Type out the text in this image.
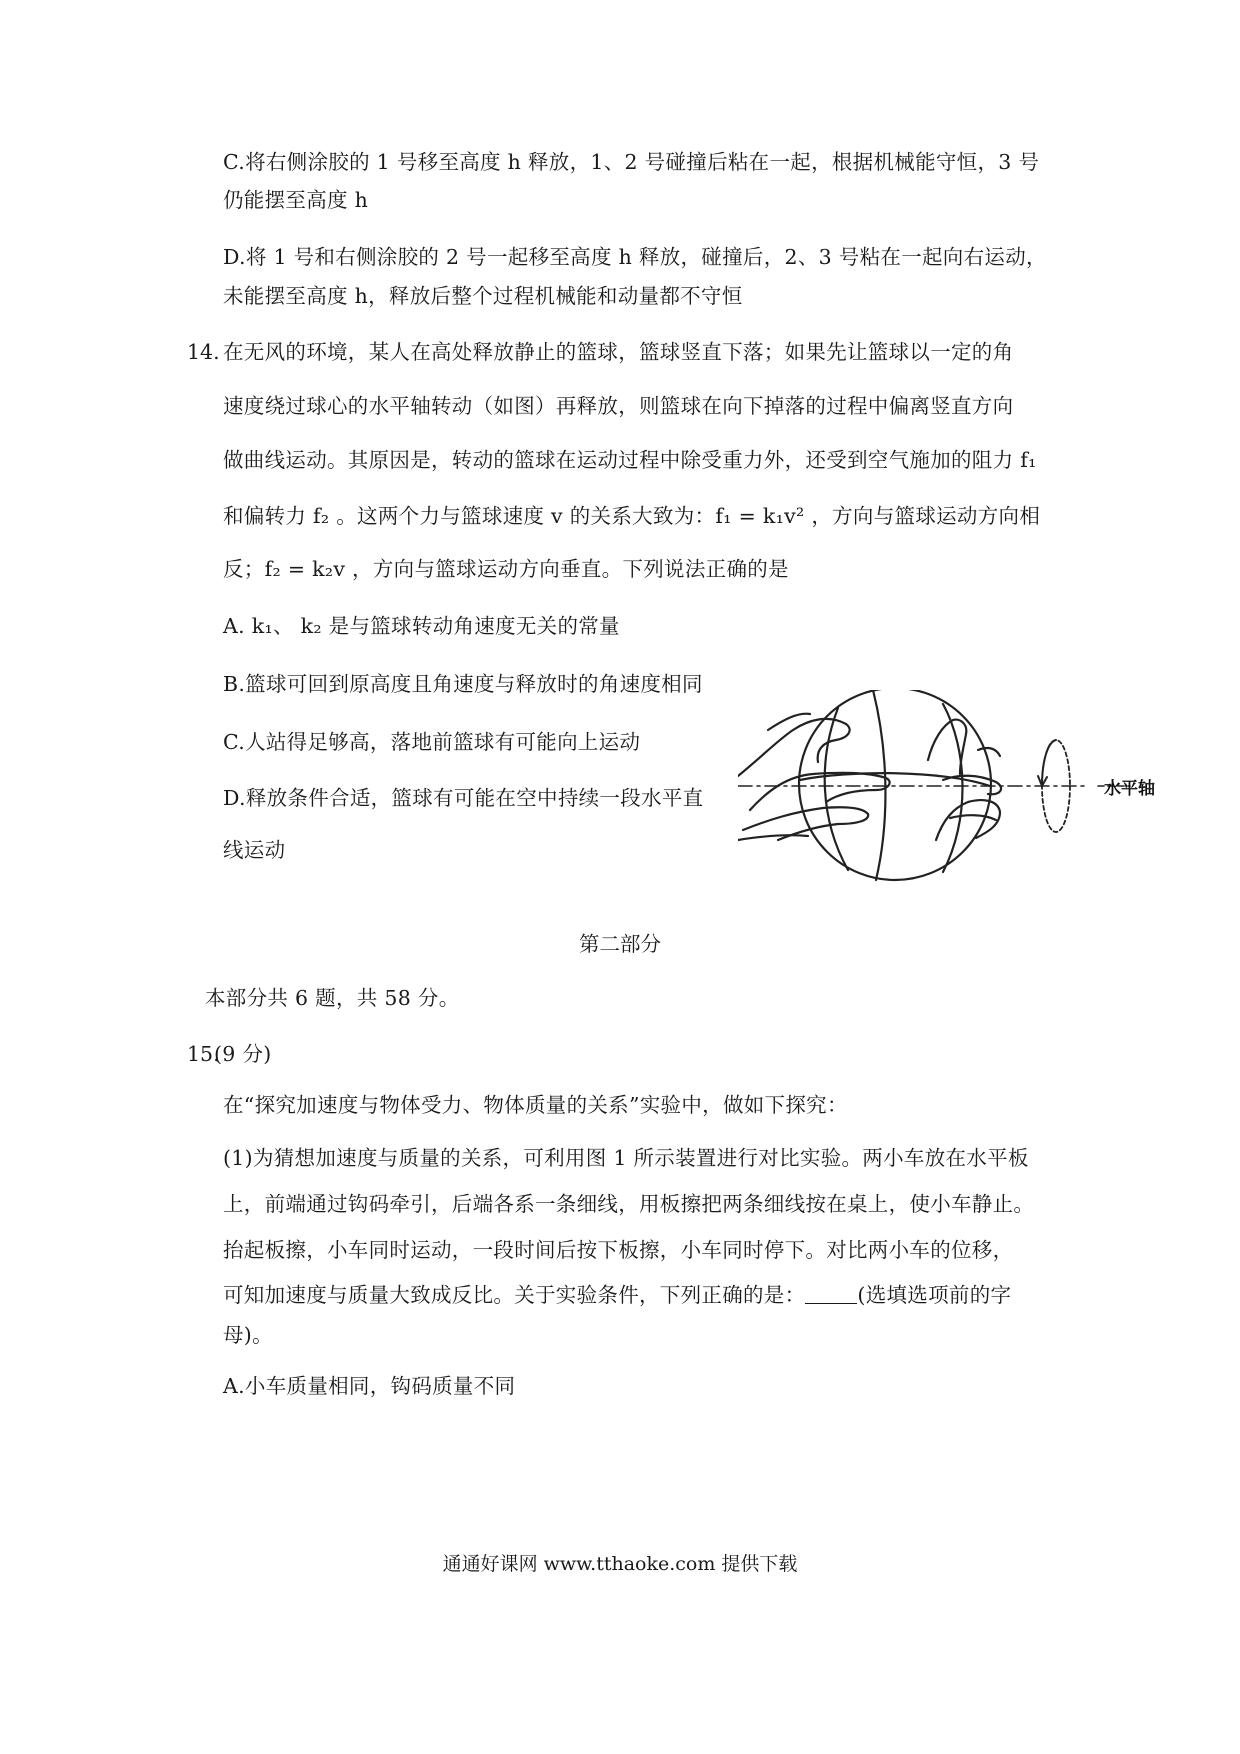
C.将右侧涂胶的 1 号移至高度 h 释放，1、2 号碰撞后粘在一起，根据机械能守恒，3 号
仍能摆至高度 h
D.将 1 号和右侧涂胶的 2 号一起移至高度 h 释放，碰撞后，2、3 号粘在一起向右运动，
未能摆至高度 h，释放后整个过程机械能和动量都不守恒
14. 在无风的环境，某人在高处释放静止的篮球，篮球竖直下落；如果先让篮球以一定的角
速度绕过球心的水平轴转动（如图）再释放，则篮球在向下掉落的过程中偏离竖直方向
做曲线运动。其原因是，转动的篮球在运动过程中除受重力外，还受到空气施加的阻力 f₁
和偏转力 f₂ 。这两个力与篮球速度 v 的关系大致为：f₁ = k₁v² ，方向与篮球运动方向相
反；f₂ = k₂v ，方向与篮球运动方向垂直。下列说法正确的是
A. k₁、 k₂ 是与篮球转动角速度无关的常量
B.篮球可回到原高度且角速度与释放时的角速度相同
C.人站得足够高，落地前篮球有可能向上运动
D.释放条件合适，篮球有可能在空中持续一段水平直
线运动
水平轴
第二部分
本部分共 6 题，共 58 分。
15.
(9 分)
在“探究加速度与物体受力、物体质量的关系”实验中，做如下探究：
(1)为猜想加速度与质量的关系，可利用图 1 所示装置进行对比实验。两小车放在水平板
上，前端通过钩码牵引，后端各系一条细线，用板擦把两条细线按在桌上，使小车静止。
抬起板擦，小车同时运动，一段时间后按下板擦，小车同时停下。对比两小车的位移，
可知加速度与质量大致成反比。关于实验条件，下列正确的是：	(选填选项前的字
母)。
A.小车质量相同，钩码质量不同
通通好课网 www.tthaoke.com 提供下载
